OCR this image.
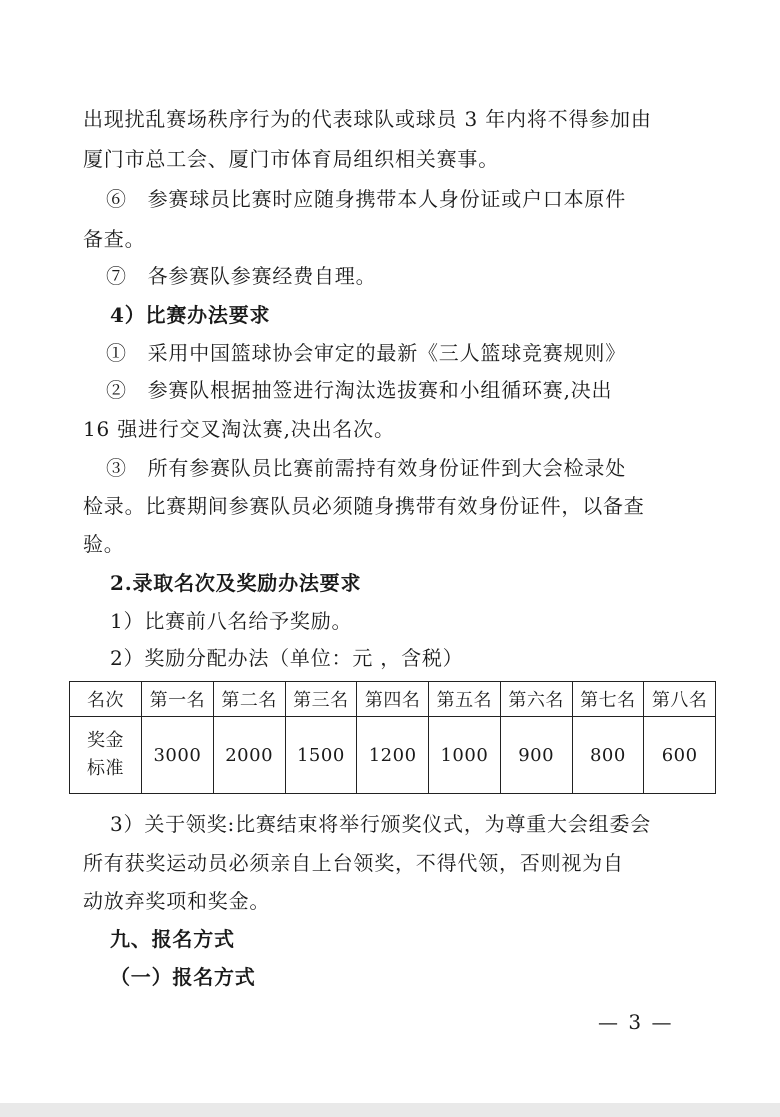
出现扰乱赛场秩序行为的代表球队或球员 3 年内将不得参加由
厦门市总工会、厦门市体育局组织相关赛事。
⑥　参赛球员比赛时应随身携带本人身份证或户口本原件
备查。
⑦　各参赛队参赛经费自理。
4）比赛办法要求
①　采用中国篮球协会审定的最新《三人篮球竞赛规则》
②　参赛队根据抽签进行淘汰选拔赛和小组循环赛,决出
16 强进行交叉淘汰赛,决出名次。
③　所有参赛队员比赛前需持有效身份证件到大会检录处
检录。比赛期间参赛队员必须随身携带有效身份证件，以备查
验。
2.录取名次及奖励办法要求
1）比赛前八名给予奖励。
2）奖励分配办法（单位：元 ，含税）
名次	第一名	第二名	第三名	第四名	第五名	第六名	第七名	第八名

奖金
标准	3000	2000	1500	1200	1000	900	800	600
3）关于领奖:比赛结束将举行颁奖仪式，为尊重大会组委会
所有获奖运动员必须亲自上台领奖，不得代领，否则视为自
动放弃奖项和奖金。
九、报名方式
（一）报名方式
— 3 —
